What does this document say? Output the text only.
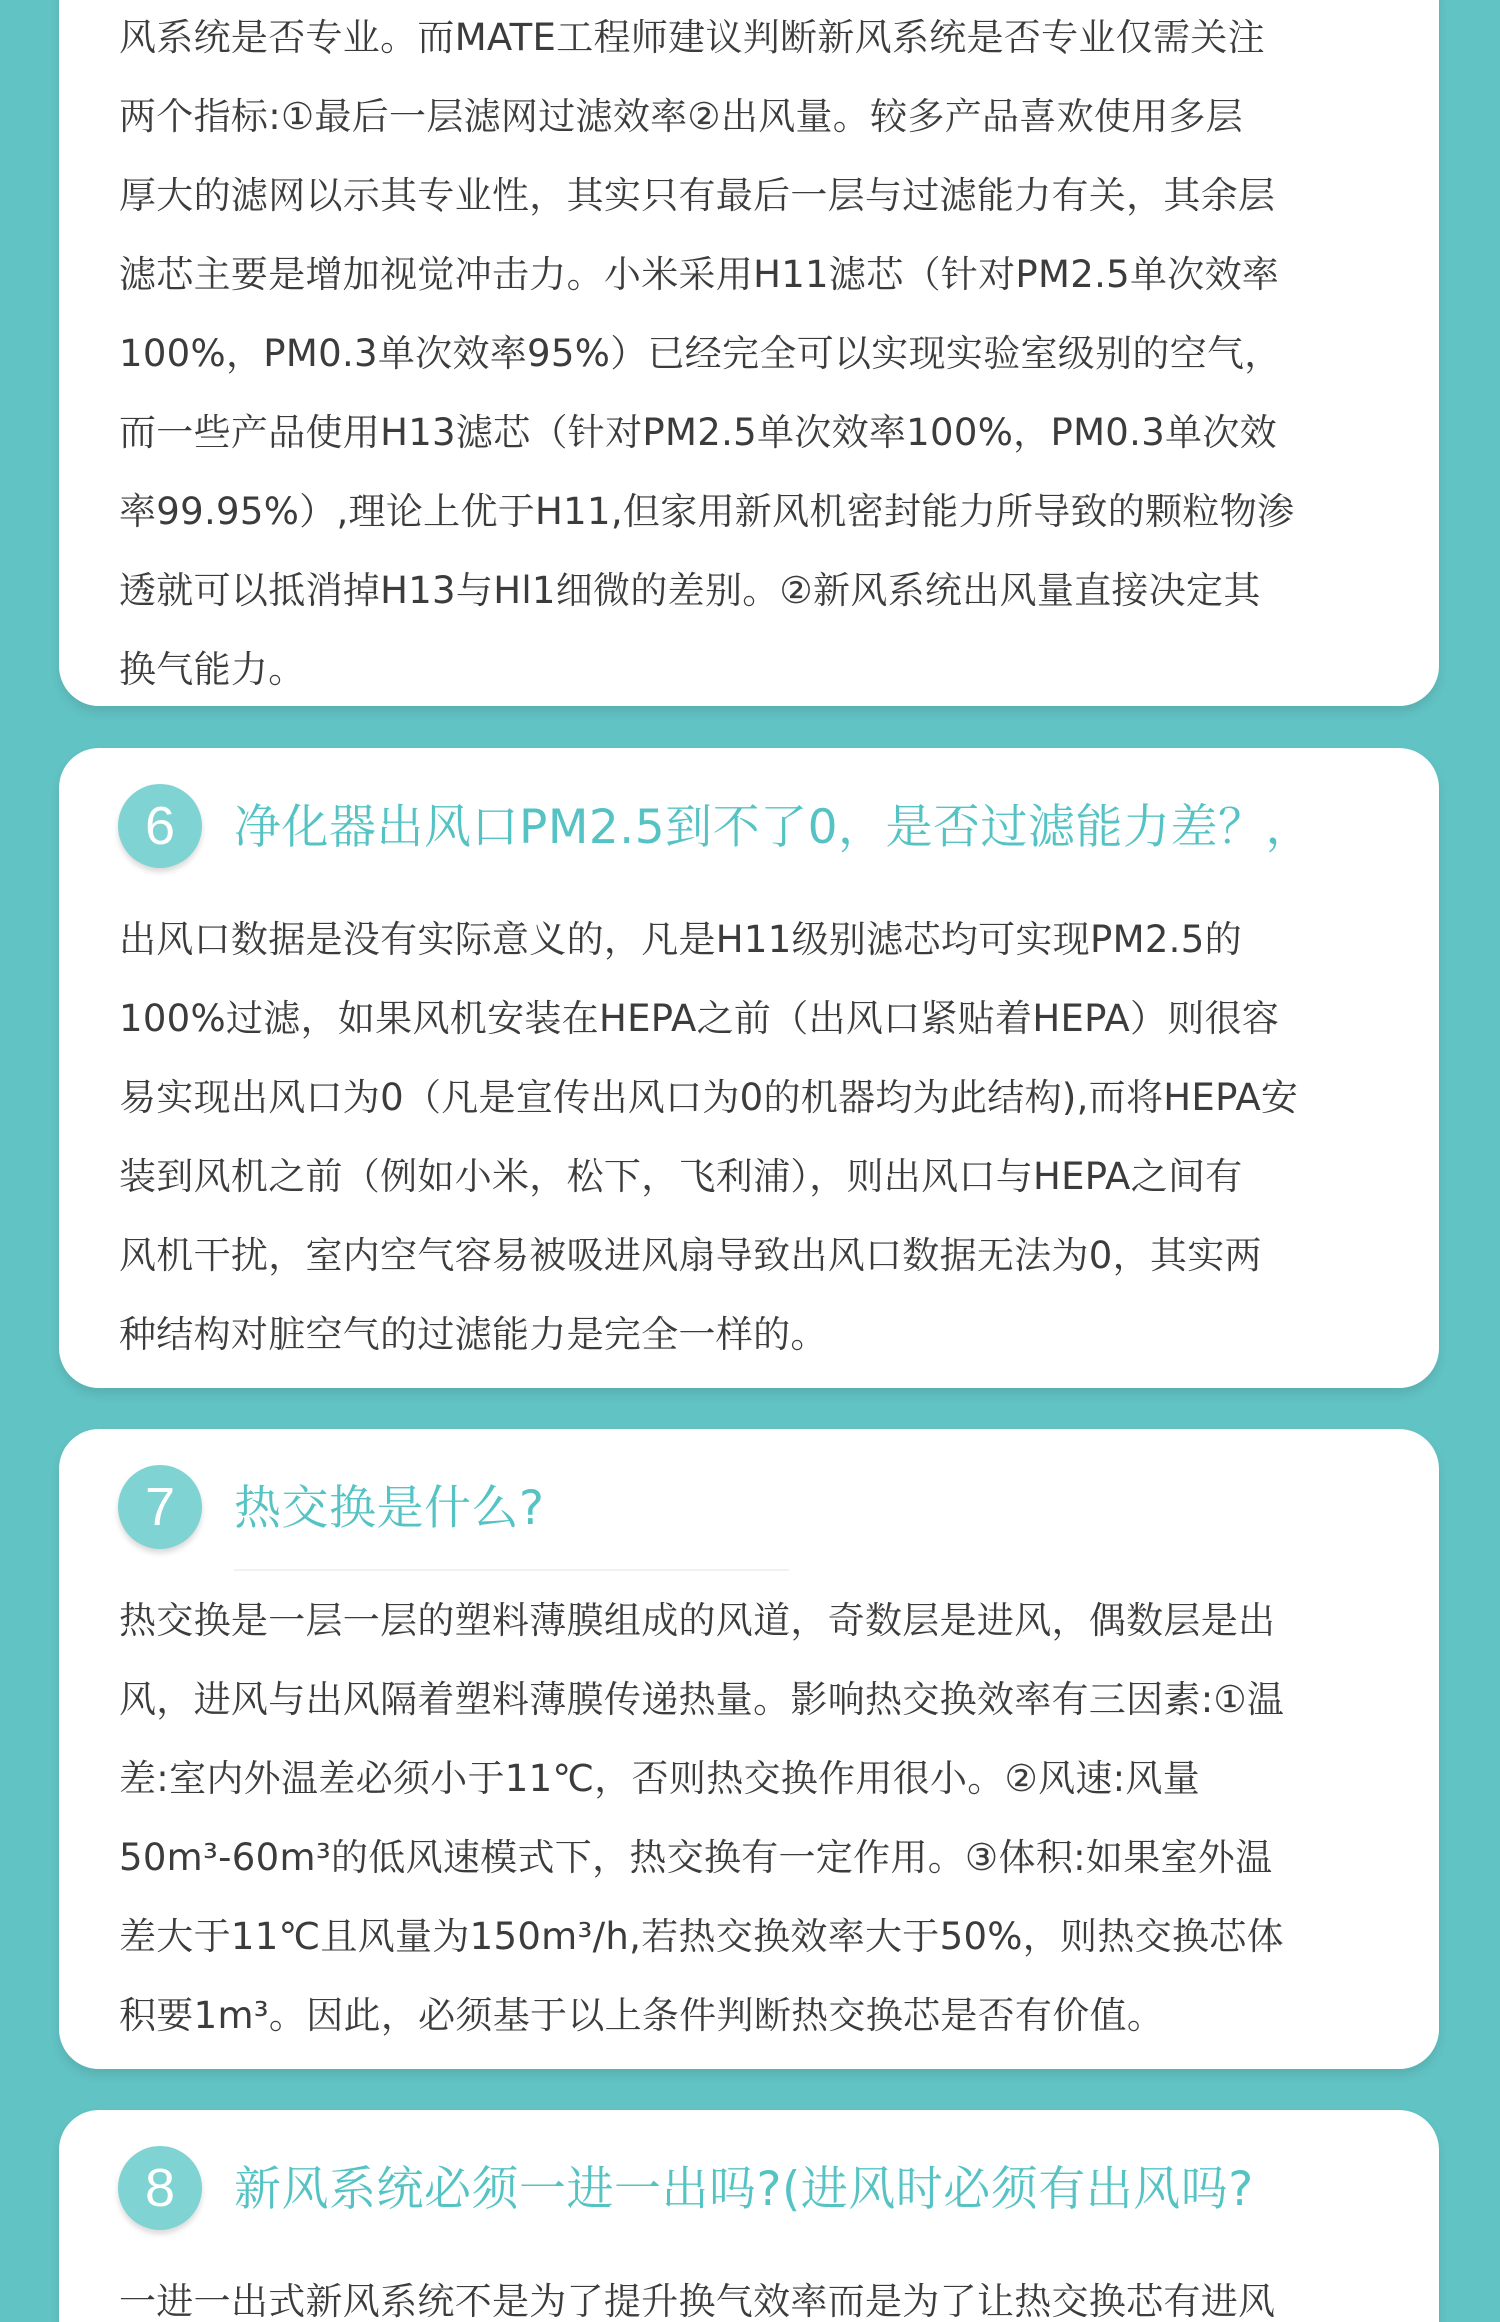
风系统是否专业。而MATE工程师建议判断新风系统是否专业仅需关注
两个指标:①最后一层滤网过滤效率②出风量。较多产品喜欢使用多层
厚大的滤网以示其专业性，其实只有最后一层与过滤能力有关，其余层
滤芯主要是增加视觉冲击力。小米采用H11滤芯（针对PM2.5单次效率
100%，PM0.3单次效率95%）已经完全可以实现实验室级别的空气，
而一些产品使用H13滤芯（针对PM2.5单次效率100%，PM0.3单次效
率99.95%）,理论上优于H11,但家用新风机密封能力所导致的颗粒物渗
透就可以抵消掉H13与Hl1细微的差别。②新风系统出风量直接决定其
换气能力。
6	净化器出风口PM2.5到不了0，是否过滤能力差？，
出风口数据是没有实际意义的，凡是H11级别滤芯均可实现PM2.5的
100%过滤，如果风机安装在HEPA之前（出风口紧贴着HEPA）则很容
易实现出风口为0（凡是宣传出风口为0的机器均为此结构),而将HEPA安
装到风机之前（例如小米，松下，飞利浦），则出风口与HEPA之间有
风机干扰，室内空气容易被吸进风扇导致出风口数据无法为0，其实两
种结构对脏空气的过滤能力是完全一样的。
7	热交换是什么?
热交换是一层一层的塑料薄膜组成的风道，奇数层是进风，偶数层是出
风，进风与出风隔着塑料薄膜传递热量。影响热交换效率有三因素:①温
差:室内外温差必须小于11℃，否则热交换作用很小。②风速:风量
50m³-60m³的低风速模式下，热交换有一定作用。③体积:如果室外温
差大于11℃且风量为150m³/h,若热交换效率大于50%，则热交换芯体
积要1m³。因此，必须基于以上条件判断热交换芯是否有价值。
8	新风系统必须一进一出吗?(进风时必须有出风吗?
一进一出式新风系统不是为了提升换气效率而是为了让热交换芯有进风
